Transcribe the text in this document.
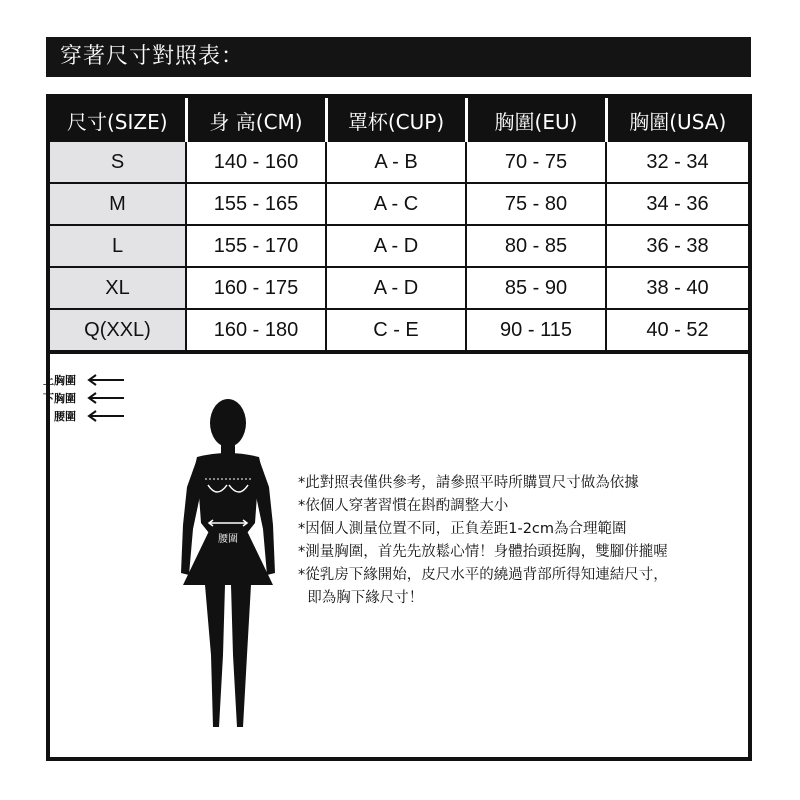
穿著尺寸對照表：
尺寸(SIZE)	身 高(CM)	罩杯(CUP)	胸圍(EU)	胸圍(USA)
S	140 - 160	A - B	70 - 75	32 - 34
M	155 - 165	A - C	75 - 80	34 - 36
L	155 - 170	A - D	80 - 85	36 - 38
XL	160 - 175	A - D	85 - 90	38 - 40
Q(XXL)	160 - 180	C - E	90 - 115	40 - 52
上胸圍
下胸圍
腰圍
腰圍
*此對照表僅供參考，請參照平時所購買尺寸做為依據
*依個人穿著習慣在斟酌調整大小
*因個人測量位置不同，正負差距1-2cm為合理範圍
*測量胸圍，首先先放鬆心情！身體抬頭挺胸，雙腳併攏喔
*從乳房下緣開始，皮尺水平的繞過背部所得知連結尺寸，
即為胸下緣尺寸！
